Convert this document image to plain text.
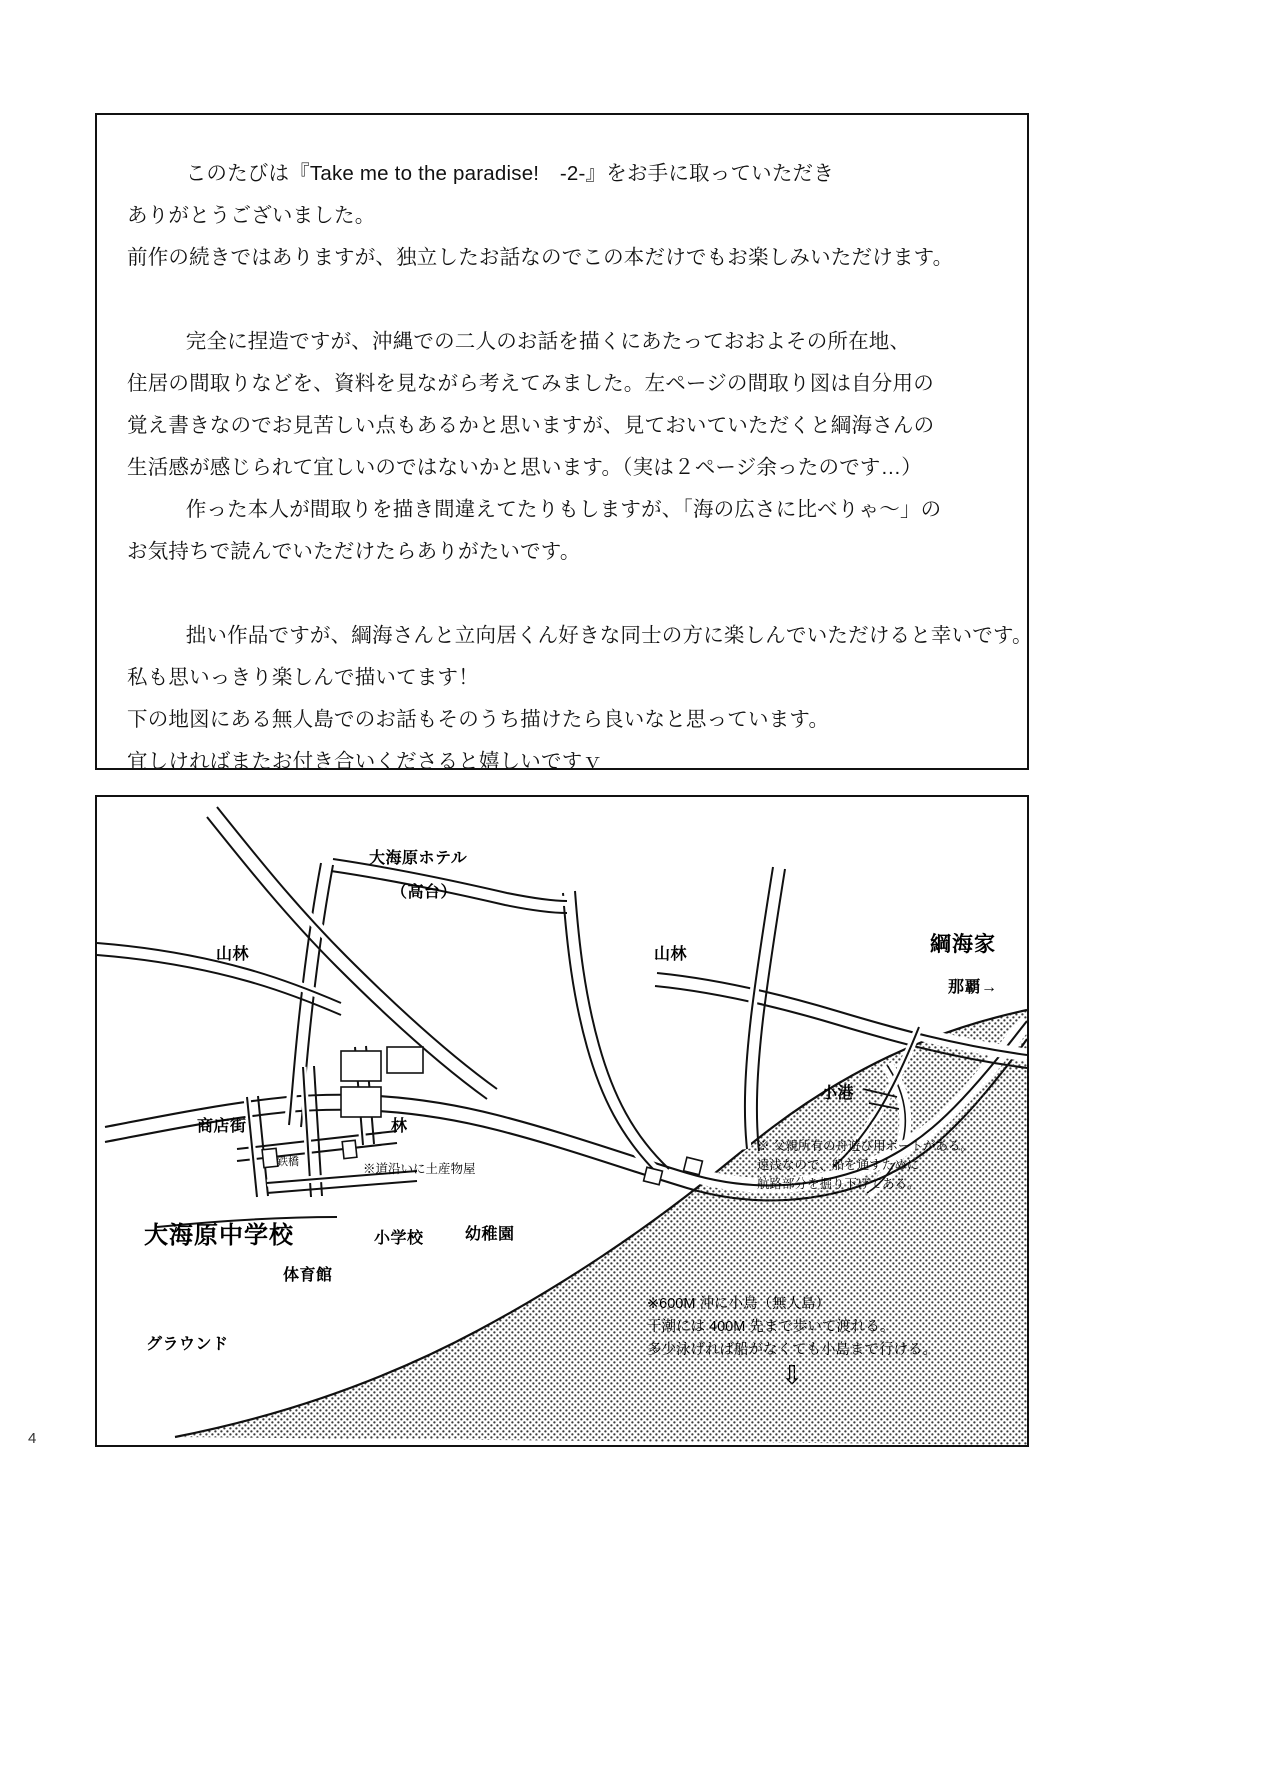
4

　このたびは『Take me to the paradise!　-2-』をお手に取っていただき

ありがとうございました。

前作の続きではありますが、独立したお話なのでこの本だけでもお楽しみいただけます。

　完全に捏造ですが、沖縄での二人のお話を描くにあたっておおよその所在地、

住居の間取りなどを、資料を見ながら考えてみました。左ページの間取り図は自分用の

覚え書きなのでお見苦しい点もあるかと思いますが、見ておいていただくと綱海さんの

生活感が感じられて宜しいのではないかと思います。（実は２ページ余ったのです…）

　作った本人が間取りを描き間違えてたりもしますが、「海の広さに比べりゃ～」の

お気持ちで読んでいただけたらありがたいです。

　拙い作品ですが、綱海さんと立向居くん好きな同士の方に楽しんでいただけると幸いです。

私も思いっきり楽しんで描いてます！

下の地図にある無人島でのお話もそのうち描けたら良いなと思っています。

宜しければまたお付き合いくださると嬉しいですｖ

大海原ホテル
（高台）
山林	山林	綱海家
那覇→
小港
商店街	林
鉄橋	※道沿いに土産物屋
大海原中学校	小学校	幼稚園
体育館
グラウンド
※ 父親所有の舟遊び用ボートがある。
遠浅なので、船を通すために
航路部分を掘り下げてある。
※600M 沖に小鳥（無人島）
干潮には 400M 先まで歩いて渡れる。
多少泳げれば船がなくても小島まで行ける。
⇩
